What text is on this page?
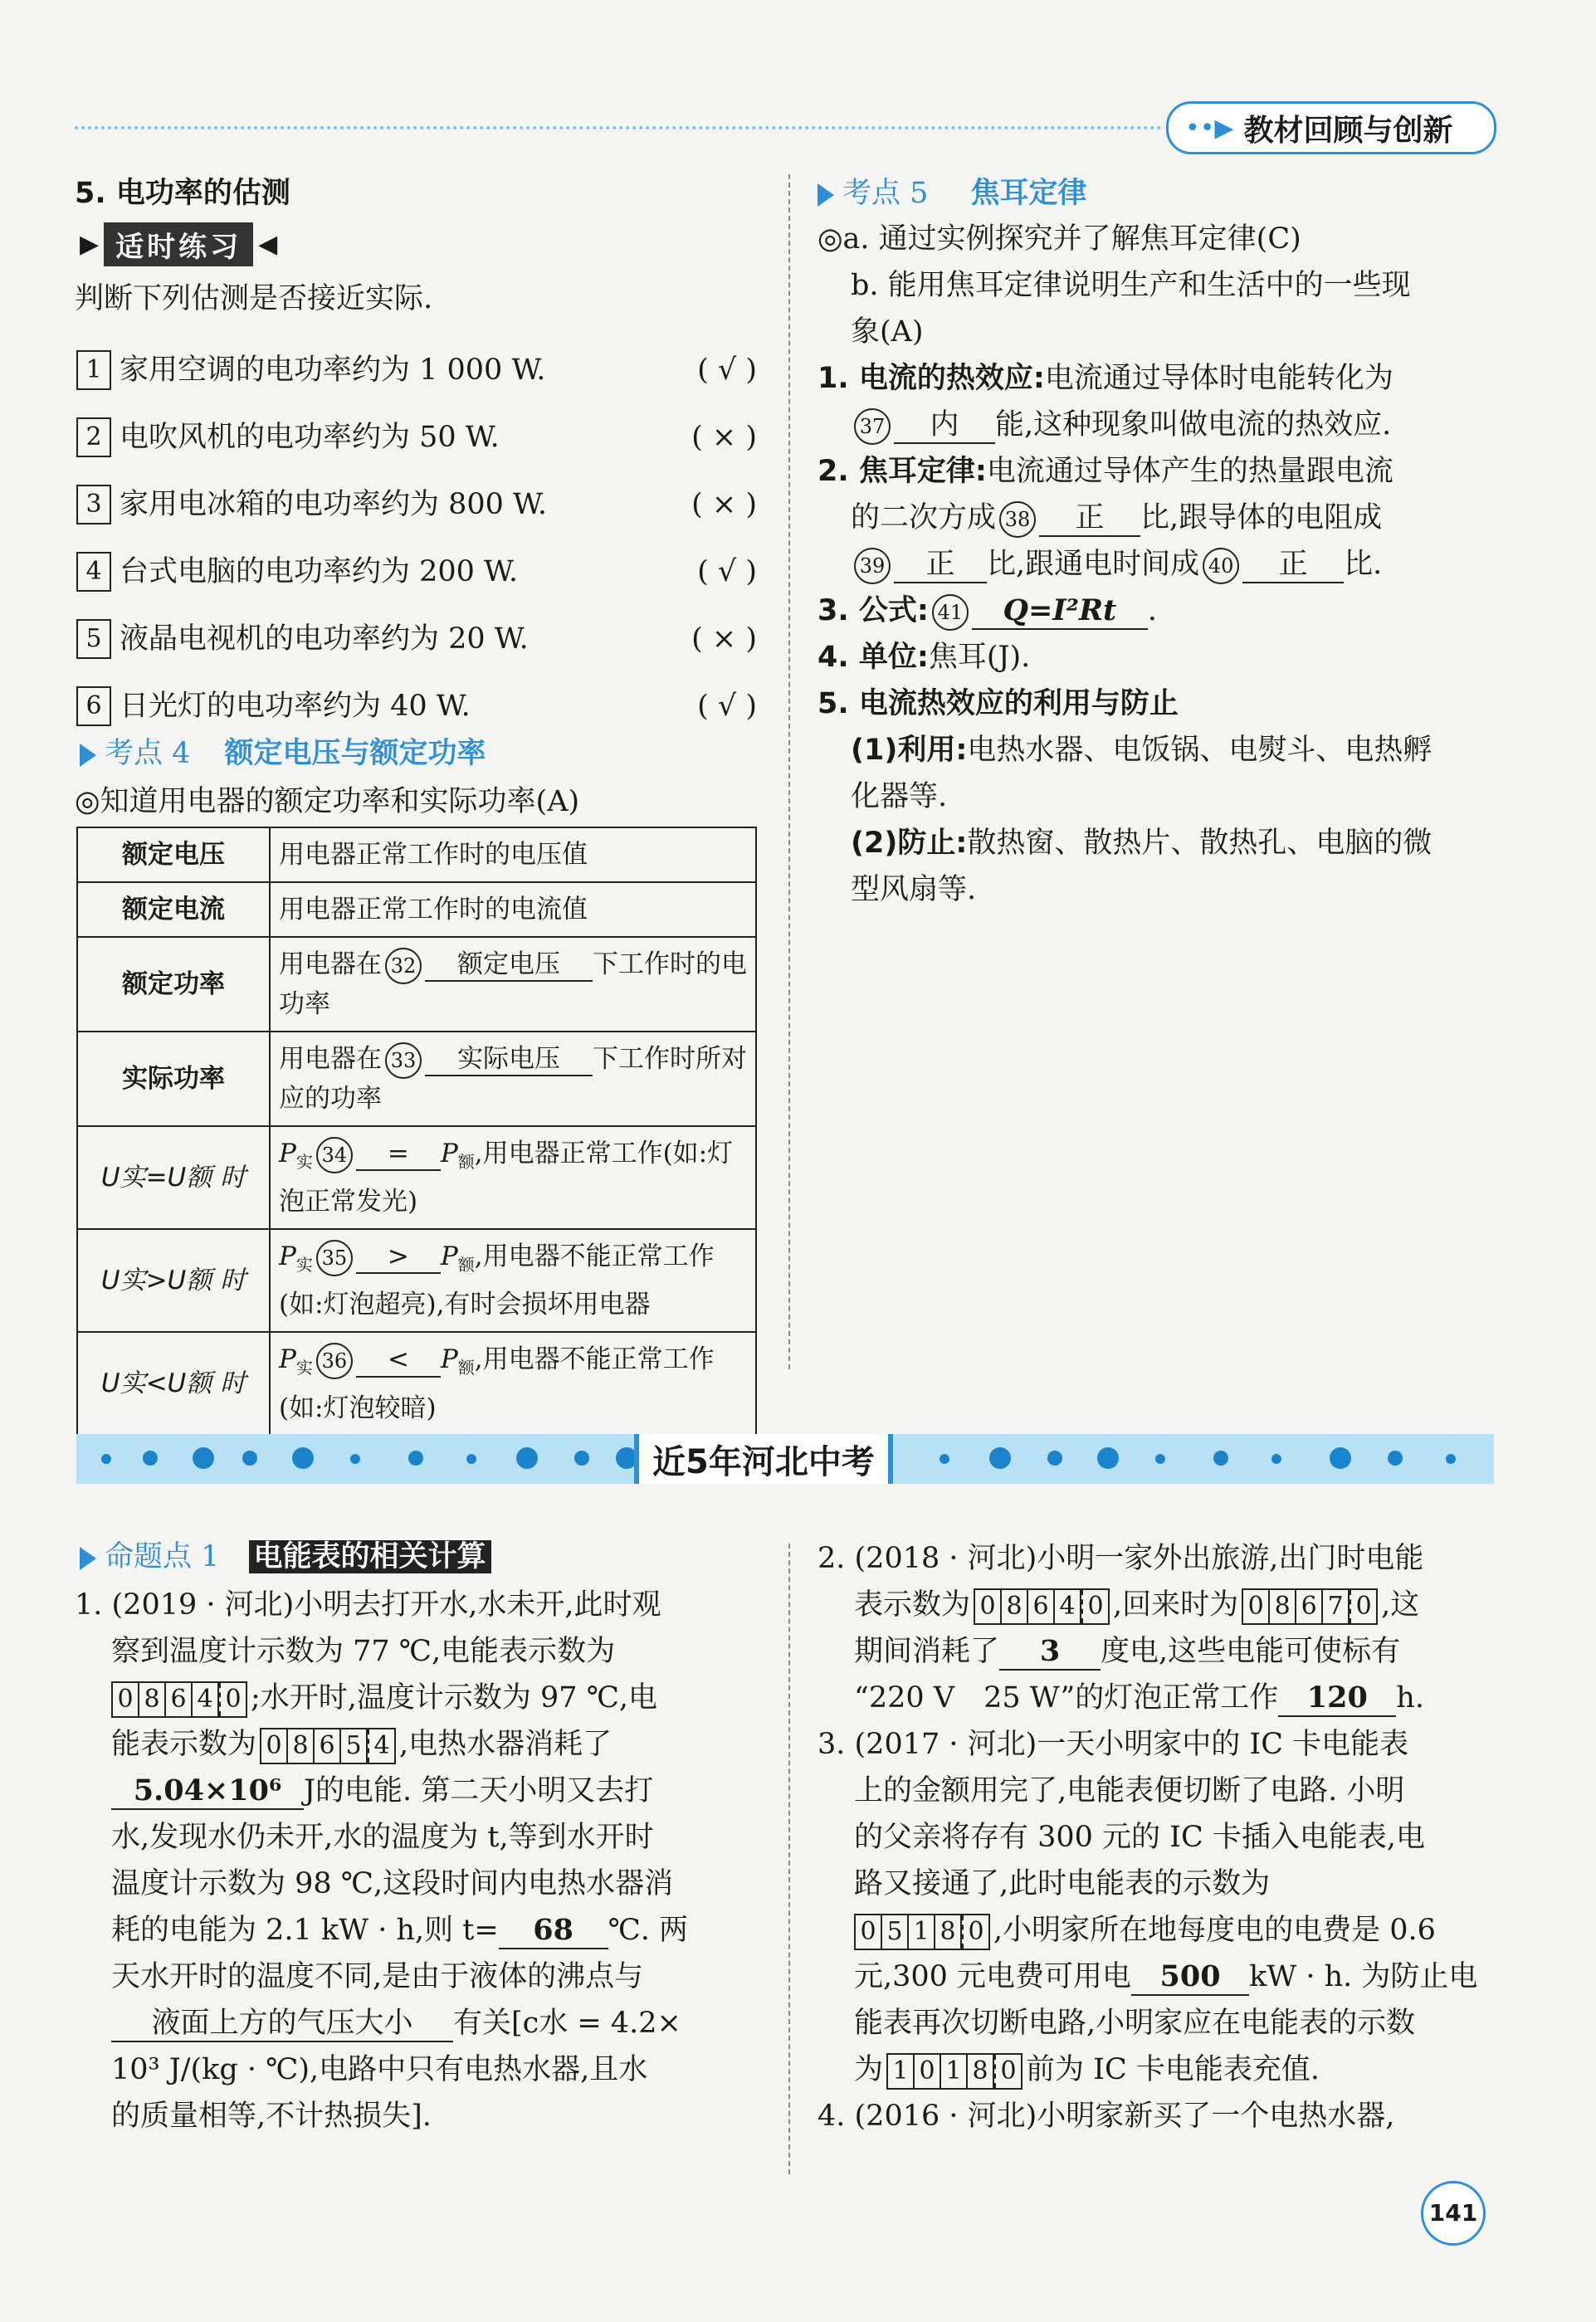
••▶ 教材回顾与创新
5. 电功率的估测
▶ 适时练习 ◀
判断下列估测是否接近实际.
1 家用空调的电功率约为 1 000 W.	( √ )
2 电吹风机的电功率约为 50 W.	( × )
3 家用电冰箱的电功率约为 800 W.	( × )
4 台式电脑的电功率约为 200 W.	( √ )
5 液晶电视机的电功率约为 20 W.	( × )
6 日光灯的电功率约为 40 W.	( √ )
考点 4 额定电压与额定功率
◎知道用电器的额定功率和实际功率(A)
额定电压	用电器正常工作时的电压值
额定电流	用电器正常工作时的电流值
额定功率	用电器在 32 额定电压 下工作时的电功率
实际功率	用电器在 33 实际电压 下工作时所对应的功率
U实=U额 时	$P_实$ $34 = P_额$,用电器正常工作(如:灯泡正常发光)
U实>U额 时	$P_实$ $35 > P_额$,用电器不能正常工作(如:灯泡超亮),有时会损坏用电器
U实<U额 时	$P_实$ $36 < P_额$,用电器不能正常工作(如:灯泡较暗)
考点 5 焦耳定律
◎a. 通过实例探究并了解焦耳定律(C)
b. 能用焦耳定律说明生产和生活中的一些现
象(A)
1. 电流的热效应:电流通过导体时电能转化为
37 内 能,这种现象叫做电流的热效应.
2. 焦耳定律:电流通过导体产生的热量跟电流
的二次方成 38 正 比,跟导体的电阻成
39 正 比,跟通电时间成 40 正 比.
3. 公式: 41 Q=I²Rt .
4. 单位:焦耳(J).
5. 电流热效应的利用与防止
(1)利用:电热水器、电饭锅、电熨斗、电热孵
化器等.
(2)防止:散热窗、散热片、散热孔、电脑的微
型风扇等.
近5年河北中考
命题点 1 电能表的相关计算
1. (2019 · 河北)小明去打开水,水未开,此时观
察到温度计示数为 77 ℃,电能表示数为
0 8 6 4 0 ;水开时,温度计示数为 97 ℃,电
能表示数为 0 8 6 5 4 ,电热水器消耗了
5.04×10⁶ J的电能. 第二天小明又去打
水,发现水仍未开,水的温度为 t,等到水开时
温度计示数为 98 ℃,这段时间内电热水器消
耗的电能为 2.1 kW · h,则 t= 68 ℃. 两
天水开时的温度不同,是由于液体的沸点与
液面上方的气压大小 有关[c水 = 4.2×
10³ J/(kg · ℃),电路中只有电热水器,且水
的质量相等,不计热损失].
2. (2018 · 河北)小明一家外出旅游,出门时电能
表示数为 0 8 6 4 0 ,回来时为 0 8 6 7 0 ,这
期间消耗了 3 度电,这些电能可使标有
“220 V　25 W”的灯泡正常工作 120 h.
3. (2017 · 河北)一天小明家中的 IC 卡电能表
上的金额用完了,电能表便切断了电路. 小明
的父亲将存有 300 元的 IC 卡插入电能表,电
路又接通了,此时电能表的示数为
0 5 1 8 0 ,小明家所在地每度电的电费是 0.6
元,300 元电费可用电 500 kW · h. 为防止电
能表再次切断电路,小明家应在电能表的示数
为 1 0 1 8 0 前为 IC 卡电能表充值.
4. (2016 · 河北)小明家新买了一个电热水器,
141
